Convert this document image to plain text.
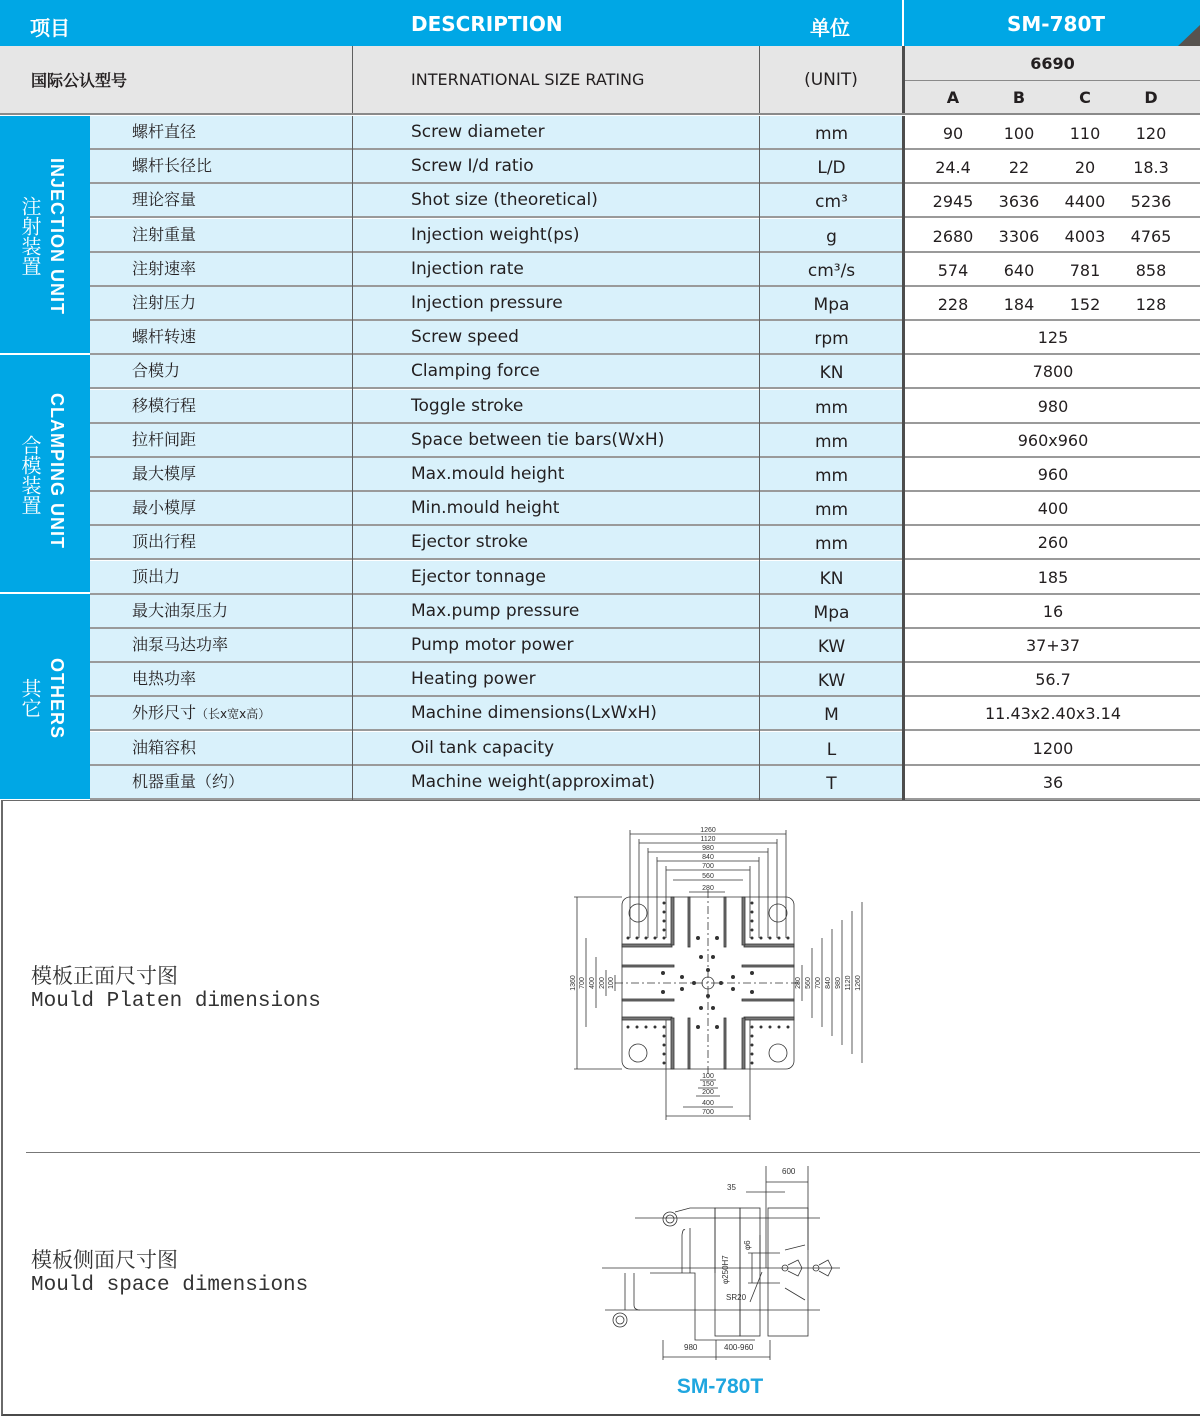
项目	DESCRIPTION	单位	SM-780T
国际公认型号	INTERNATIONAL SIZE RATING	(UNIT)
6690
A	B	C	D
注射装置 INJECTION UNIT
合模装置 CLAMPING UNIT
其它 OTHERS
螺杆直径	Screw diameter	mm	90	100	110	120
螺杆长径比	Screw I/d ratio	L/D	24.4	22	20	18.3
理论容量	Shot size (theoretical)	cm³	2945	3636	4400	5236
注射重量	Injection weight(ps)	g	2680	3306	4003	4765
注射速率	Injection rate	cm³/s	574	640	781	858
注射压力	Injection pressure	Mpa	228	184	152	128
螺杆转速	Screw speed	rpm	125
合模力	Clamping force	KN	7800
移模行程	Toggle stroke	mm	980
拉杆间距	Space between tie bars(WxH)	mm	960x960
最大模厚	Max.mould height	mm	960
最小模厚	Min.mould height	mm	400
顶出行程	Ejector stroke	mm	260
顶出力	Ejector tonnage	KN	185
最大油泵压力	Max.pump pressure	Mpa	16
油泵马达功率	Pump motor power	KW	37+37
电热功率	Heating power	KW	56.7
外形尺寸（长x宽x高）	Machine dimensions(LxWxH)	M	11.43x2.40x3.14
油箱容积	Oil tank capacity	L	1200
机器重量（约）	Machine weight(approximat)	T	36
模板正面尺寸图
Mould Platen dimensions
模板侧面尺寸图
Mould space dimensions
1260
1120
980
840
700
560
280
100
150
200
400
700
1360 700 400 200 100	280 560 700 840 980 1120 1260
600
35
φ6
φ250H7
SR20
980	400-960
SM-780T
